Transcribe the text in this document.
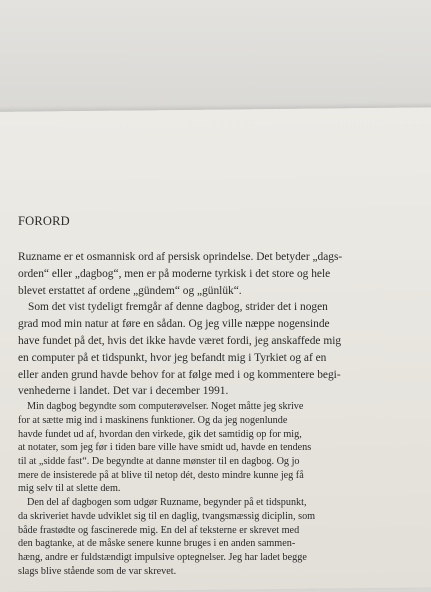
FORORD

Ruzname er et osmannisk ord af persisk oprindelse. Det betyder „dags-

orden“ eller „dagbog“, men er på moderne tyrkisk i det store og hele

blevet erstattet af ordene „gündem“ og „günlük“.

Som det vist tydeligt fremgår af denne dagbog, strider det i nogen

grad mod min natur at føre en sådan. Og jeg ville næppe nogensinde

have fundet på det, hvis det ikke havde været fordi, jeg anskaffede mig

en computer på et tidspunkt, hvor jeg befandt mig i Tyrkiet og af en

eller anden grund havde behov for at følge med i og kommentere begi-

venhederne i landet. Det var i december 1991.

Min dagbog begyndte som computerøvelser. Noget måtte jeg skrive

for at sætte mig ind i maskinens funktioner. Og da jeg nogenlunde

havde fundet ud af, hvordan den virkede, gik det samtidig op for mig,

at notater, som jeg før i tiden bare ville have smidt ud, havde en tendens

til at „sidde fast“. De begyndte at danne mønster til en dagbog. Og jo

mere de insisterede på at blive til netop dét, desto mindre kunne jeg få

mig selv til at slette dem.

Den del af dagbogen som udgør Ruzname, begynder på et tidspunkt,

da skriveriet havde udviklet sig til en daglig, tvangsmæssig diciplin, som

både frastødte og fascinerede mig. En del af teksterne er skrevet med

den bagtanke, at de måske senere kunne bruges i en anden sammen-

hæng, andre er fuldstændigt impulsive optegnelser. Jeg har ladet begge

slags blive stående som de var skrevet.
